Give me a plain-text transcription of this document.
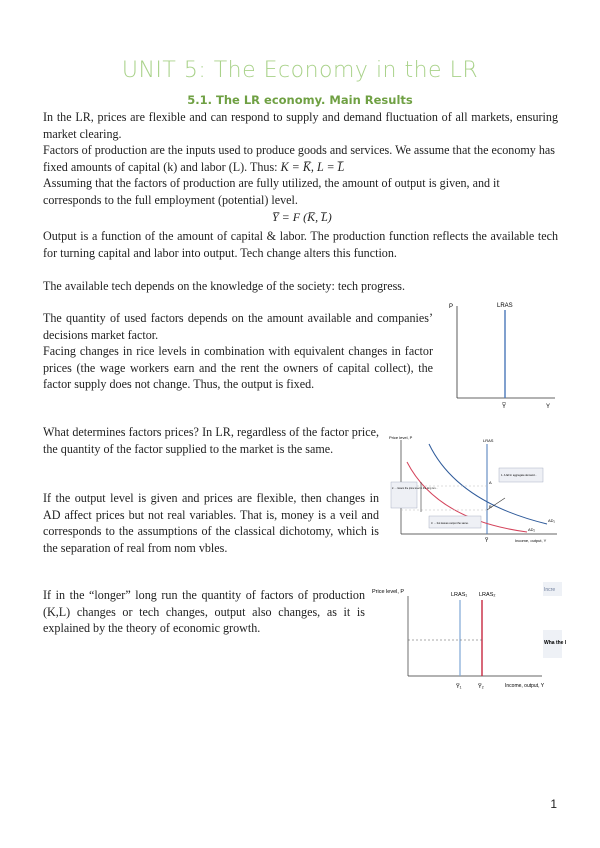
UNIT 5: The Economy in the LR
5.1. The LR economy. Main Results

In the LR, prices are flexible and can respond to supply and demand fluctuation of all markets, ensuring market clearing.

Factors of production are the inputs used to produce goods and services. We assume that the economy has fixed amounts of capital (k) and labor (L). Thus: K = K̅, L = L̅

Assuming that the factors of production are fully utilized, the amount of output is given, and it corresponds to the full employment (potential) level.

Y̅ = F (K̅, L̅)

Output is a function of the amount of capital & labor. The production function reflects the available tech for turning capital and labor into output. Tech change alters this function.

The available tech depends on the knowledge of the society: tech progress.

The quantity of used factors depends on the amount available and companies’ decisions market factor.

Facing changes in rice levels in combination with equivalent changes in factor prices (the wage workers earn and the rent the owners of capital collect), the factor supply does not change. Thus, the output is fixed.

What determines factors prices? In LR, regardless of the factor price, the quantity of the factor supplied to the market is the same.

If the output level is given and prices are flexible, then changes in AD affect prices but not real variables. That is, money is a veil and corresponds to the assumptions of the classical dichotomy, which is the separation of real from nom vbles.

If in the “longer” long run the quantity of factors of production (K,L) changes or tech changes, output also changes, as it is explained by the theory of economic growth.

P	LRAS
Y̅	Y
Price level, P
LRAS
AD₁
AD₂
A
B
Y̅	Income, output, Y
1. A fall in aggregate demand...
2. ... lowers the price level in the long run...
3. ... but leaves output the same.
Incre
Wha the l
Price level, P	LRAS₁ LRAS₂
Y̅₁	Y̅₂	Income, output, Y
1
